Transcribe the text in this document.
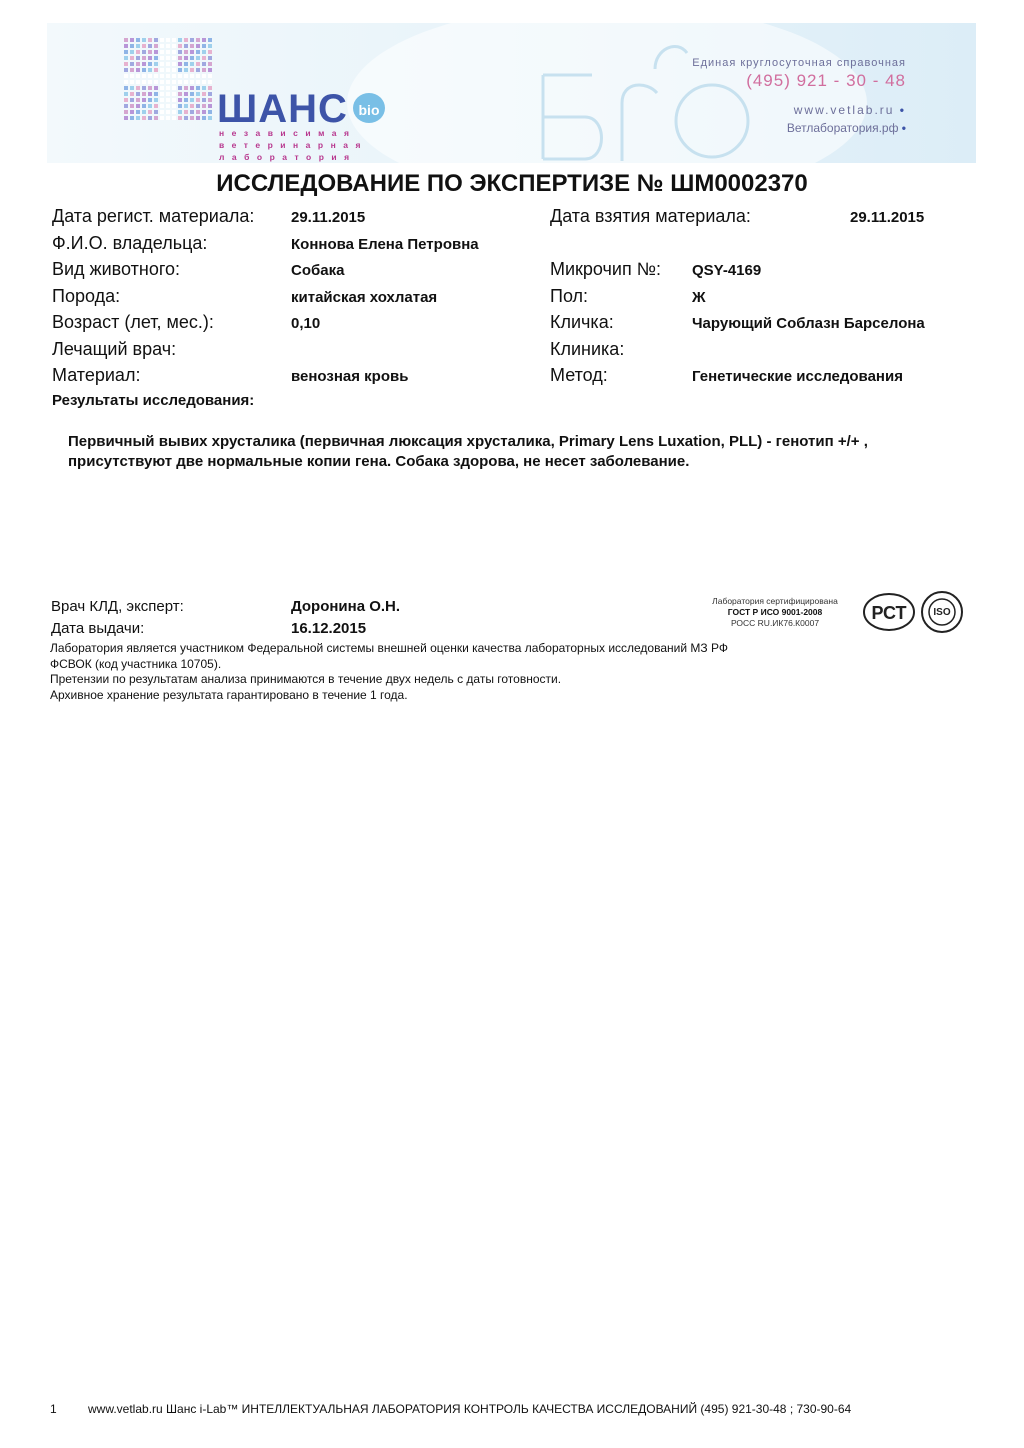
ШАНС bio
независимая
ветеринарная
лаборатория
Единая круглосуточная справочная
(495) 921 - 30 - 48
www.vetlab.ru •
Ветлаборатория.рф •
ИССЛЕДОВАНИЕ ПО ЭКСПЕРТИЗЕ № ШМ0002370
Дата регист. материала: 29.11.2015	Дата взятия материала:	29.11.2015
Ф.И.О. владельца:	Коннова Елена Петровна
Вид животного:	Собака	Микрочип №: QSY-4169
Порода:	китайская хохлатая	Пол:	Ж
Возраст (лет, мес.):	0,10	Кличка:	Чарующий Соблазн Барселона
Лечащий врач:	Клиника:
Материал:	венозная кровь	Метод:	Генетические исследования
Результаты исследования:
Первичный вывих хрусталика (первичная люксация хрусталика, Primary Lens Luxation, PLL) - генотип +/+ , присутствуют две нормальные копии гена. Собака здорова, не несет заболевание.
Врач КЛД, эксперт:	Доронина О.Н.
Дата выдачи:	16.12.2015
Лаборатория является участником Федеральной системы внешней оценки качества лабораторных исследований МЗ РФ
ФСВОК (код участника 10705).
Претензии по результатам анализа принимаются в течение двух недель с даты готовности.
Архивное хранение результата гарантировано в течение 1 года.
Лаборатория сертифицирована
ГОСТ Р ИСО 9001-2008
РОСС RU.ИК76.К0007	РСТ	ISO
1	www.vetlab.ru Шанс i-Lab™ ИНТЕЛЛЕКТУАЛЬНАЯ ЛАБОРАТОРИЯ КОНТРОЛЬ КАЧЕСТВА ИССЛЕДОВАНИЙ (495) 921-30-48 ; 730-90-64
